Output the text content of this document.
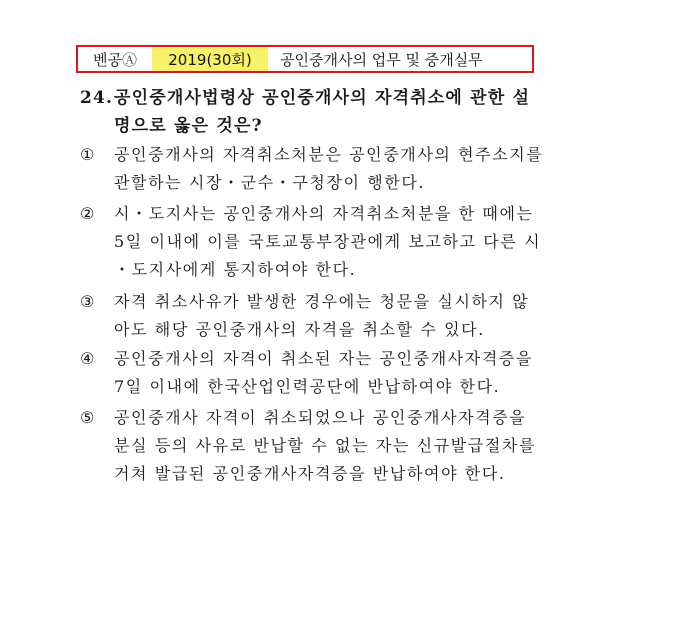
벤공Ⓐ	2019(30회)	공인중개사의 업무 및 중개실무
24. 공인중개사법령상 공인중개사의 자격취소에 관한 설
명으로 옳은 것은?
①	공인중개사의 자격취소처분은 공인중개사의 현주소지를
관할하는 시장・군수・구청장이 행한다.
②	시・도지사는 공인중개사의 자격취소처분을 한 때에는
5일 이내에 이를 국토교통부장관에게 보고하고 다른 시
・도지사에게 통지하여야 한다.
③	자격 취소사유가 발생한 경우에는 청문을 실시하지 않
아도 해당 공인중개사의 자격을 취소할 수 있다.
④	공인중개사의 자격이 취소된 자는 공인중개사자격증을
7일 이내에 한국산업인력공단에 반납하여야 한다.
⑤	공인중개사 자격이 취소되었으나 공인중개사자격증을
분실 등의 사유로 반납할 수 없는 자는 신규발급절차를
거쳐 발급된 공인중개사자격증을 반납하여야 한다.
